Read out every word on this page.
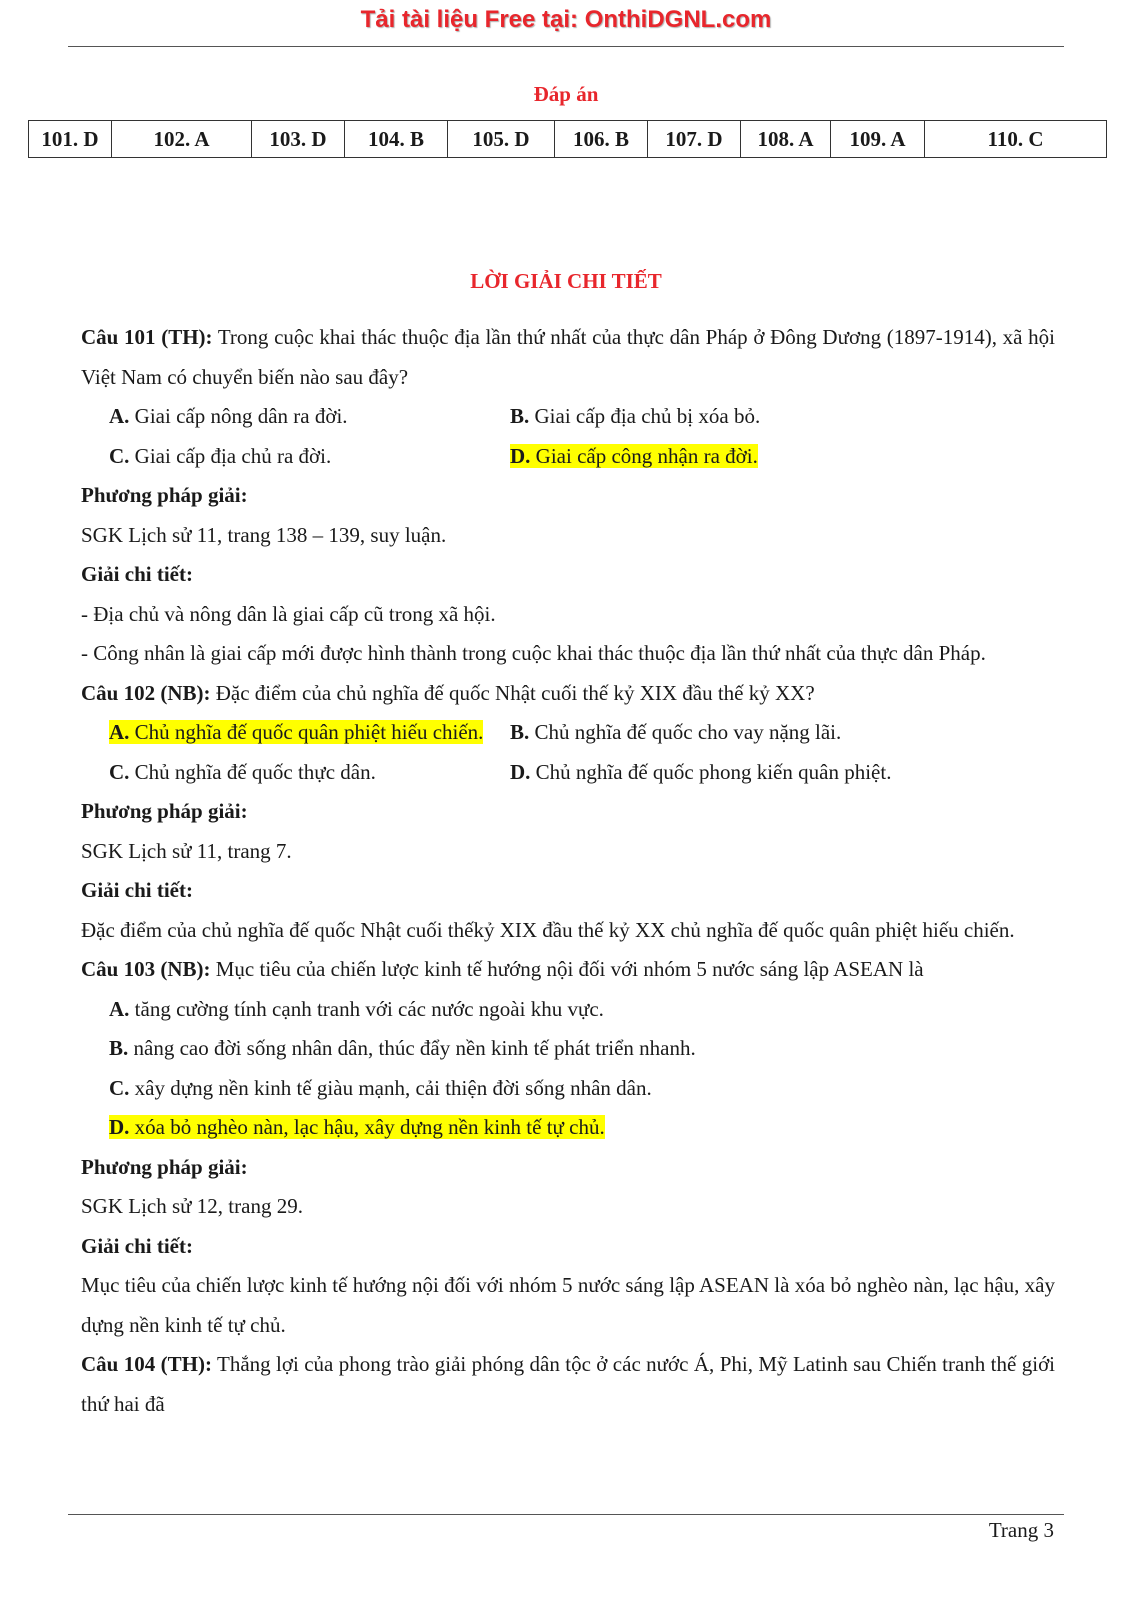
Tải tài liệu Free tại: OnthiDGNL.com
Đáp án
101. D	102. A	103. D	104. B	105. D	106. B	107. D	108. A	109. A	110. C
LỜI GIẢI CHI TIẾT

Câu 101 (TH): Trong cuộc khai thác thuộc địa lần thứ nhất của thực dân Pháp ở Đông Dương (1897-1914), xã hội Việt Nam có chuyển biến nào sau đây?

A. Giai cấp nông dân ra đời.	B. Giai cấp địa chủ bị xóa bỏ.
C. Giai cấp địa chủ ra đời.	D. Giai cấp công nhận ra đời.

Phương pháp giải:

SGK Lịch sử 11, trang 138 – 139, suy luận.

Giải chi tiết:

- Địa chủ và nông dân là giai cấp cũ trong xã hội.

- Công nhân là giai cấp mới được hình thành trong cuộc khai thác thuộc địa lần thứ nhất của thực dân Pháp.

Câu 102 (NB): Đặc điểm của chủ nghĩa đế quốc Nhật cuối thế kỷ XIX đầu thế kỷ XX?

A. Chủ nghĩa đế quốc quân phiệt hiếu chiến.	B. Chủ nghĩa đế quốc cho vay nặng lãi.
C. Chủ nghĩa đế quốc thực dân.	D. Chủ nghĩa đế quốc phong kiến quân phiệt.

Phương pháp giải:

SGK Lịch sử 11, trang 7.

Giải chi tiết:

Đặc điểm của chủ nghĩa đế quốc Nhật cuối thếkỷ XIX đầu thế kỷ XX chủ nghĩa đế quốc quân phiệt hiếu chiến.

Câu 103 (NB): Mục tiêu của chiến lược kinh tế hướng nội đối với nhóm 5 nước sáng lập ASEAN là

A. tăng cường tính cạnh tranh với các nước ngoài khu vực.
B. nâng cao đời sống nhân dân, thúc đẩy nền kinh tế phát triển nhanh.
C. xây dựng nền kinh tế giàu mạnh, cải thiện đời sống nhân dân.
D. xóa bỏ nghèo nàn, lạc hậu, xây dựng nền kinh tế tự chủ.

Phương pháp giải:

SGK Lịch sử 12, trang 29.

Giải chi tiết:

Mục tiêu của chiến lược kinh tế hướng nội đối với nhóm 5 nước sáng lập ASEAN là xóa bỏ nghèo nàn, lạc hậu, xây dựng nền kinh tế tự chủ.

Câu 104 (TH): Thắng lợi của phong trào giải phóng dân tộc ở các nước Á, Phi, Mỹ Latinh sau Chiến tranh thế giới thứ hai đã

Trang 3
